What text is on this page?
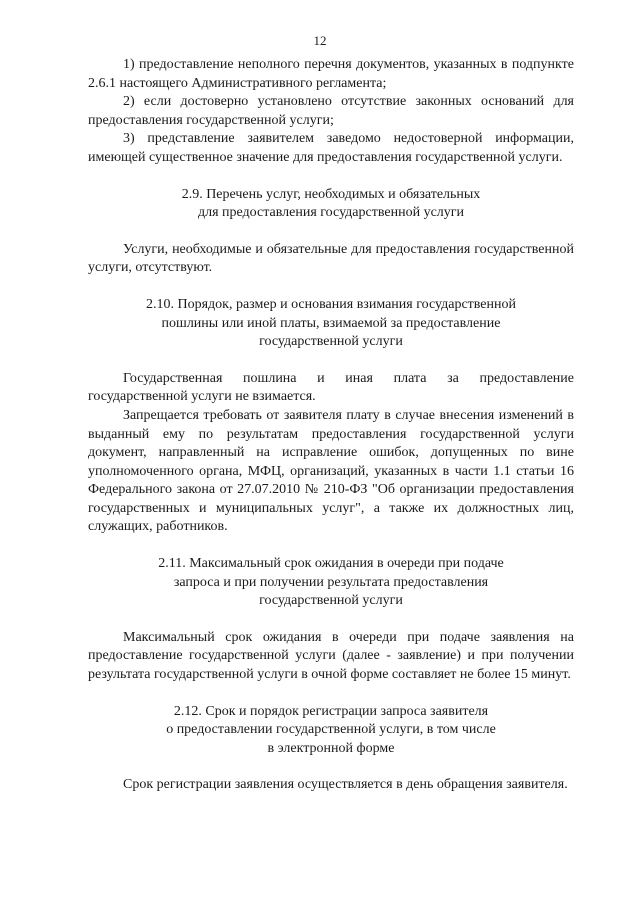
12

1) предоставление неполного перечня документов, указанных в подпункте 2.6.1 настоящего Административного регламента;

2) если достоверно установлено отсутствие законных оснований для предоставления государственной услуги;

3) представление заявителем заведомо недостоверной информации, имеющей существенное значение для предоставления государственной услуги.

2.9. Перечень услуг, необходимых и обязательных
для предоставления государственной услуги

Услуги, необходимые и обязательные для предоставления государственной услуги, отсутствуют.

2.10. Порядок, размер и основания взимания государственной
пошлины или иной платы, взимаемой за предоставление
государственной услуги

Государственная пошлина и иная плата за предоставление государственной услуги не взимается.

Запрещается требовать от заявителя плату в случае внесения изменений в выданный ему по результатам предоставления государственной услуги документ, направленный на исправление ошибок, допущенных по вине уполномоченного органа, МФЦ, организаций, указанных в части 1.1 статьи 16 Федерального закона от 27.07.2010 № 210-ФЗ "Об организации предоставления государственных и муниципальных услуг", а также их должностных лиц, служащих, работников.

2.11. Максимальный срок ожидания в очереди при подаче
запроса и при получении результата предоставления
государственной услуги

Максимальный срок ожидания в очереди при подаче заявления на предоставление государственной услуги (далее - заявление) и при получении результата государственной услуги в очной форме составляет не более 15 минут.

2.12. Срок и порядок регистрации запроса заявителя
о предоставлении государственной услуги, в том числе
в электронной форме

Срок регистрации заявления осуществляется в день обращения заявителя.
